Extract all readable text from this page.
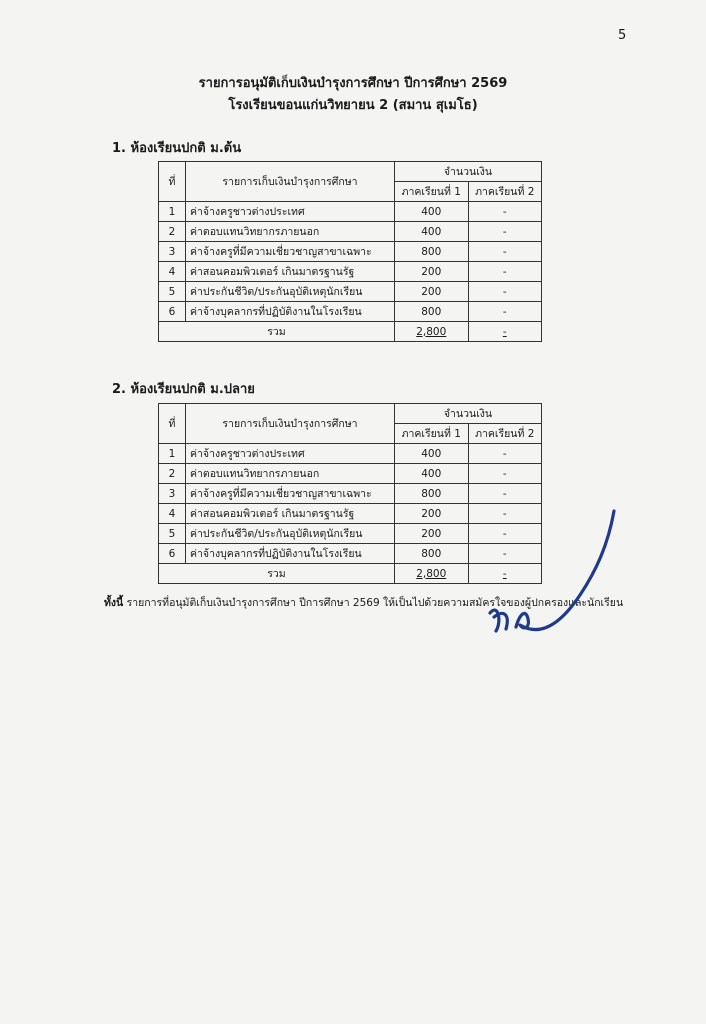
5
รายการอนุมัติเก็บเงินบำรุงการศึกษา ปีการศึกษา 2569
โรงเรียนขอนแก่นวิทยายน 2 (สมาน สุเมโธ)
1. ห้องเรียนปกติ ม.ต้น
ที่	รายการเก็บเงินบำรุงการศึกษา	จำนวนเงิน	
		ภาคเรียนที่ 1	ภาคเรียนที่ 2
1	ค่าจ้างครูชาวต่างประเทศ	400	-
2	ค่าตอบแทนวิทยากรภายนอก	400	-
3	ค่าจ้างครูที่มีความเชี่ยวชาญสาขาเฉพาะ	800	-
4	ค่าสอนคอมพิวเตอร์ เกินมาตรฐานรัฐ	200	-
5	ค่าประกันชีวิต/ประกันอุบัติเหตุนักเรียน	200	-
6	ค่าจ้างบุคลากรที่ปฏิบัติงานในโรงเรียน	800	-
รวม		2,800	-
2. ห้องเรียนปกติ ม.ปลาย
ที่	รายการเก็บเงินบำรุงการศึกษา	จำนวนเงิน	
		ภาคเรียนที่ 1	ภาคเรียนที่ 2
1	ค่าจ้างครูชาวต่างประเทศ	400	-
2	ค่าตอบแทนวิทยากรภายนอก	400	-
3	ค่าจ้างครูที่มีความเชี่ยวชาญสาขาเฉพาะ	800	-
4	ค่าสอนคอมพิวเตอร์ เกินมาตรฐานรัฐ	200	-
5	ค่าประกันชีวิต/ประกันอุบัติเหตุนักเรียน	200	-
6	ค่าจ้างบุคลากรที่ปฏิบัติงานในโรงเรียน	800	-
รวม		2,800	-
ทั้งนี้ รายการที่อนุมัติเก็บเงินบำรุงการศึกษา ปีการศึกษา 2569 ให้เป็นไปด้วยความสมัครใจของผู้ปกครองและนักเรียน
